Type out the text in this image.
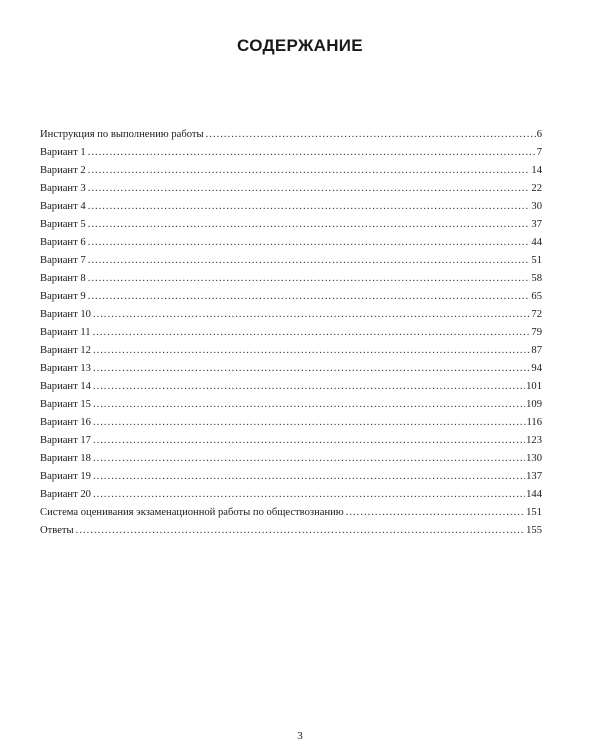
СОДЕРЖАНИЕ
Инструкция по выполнению работы .....	6
Вариант 1 .....	7
Вариант 2 .....	14
Вариант 3 .....	22
Вариант 4 .....	30
Вариант 5 .....	37
Вариант 6 .....	44
Вариант 7 .....	51
Вариант 8 .....	58
Вариант 9 .....	65
Вариант 10 .....	72
Вариант 11 .....	79
Вариант 12 .....	87
Вариант 13 .....	94
Вариант 14 .....	101
Вариант 15 .....	109
Вариант 16 .....	116
Вариант 17 .....	123
Вариант 18 .....	130
Вариант 19 .....	137
Вариант 20 .....	144
Система оценивания экзаменационной работы по обществознанию .....	151
Ответы .....	155
3
